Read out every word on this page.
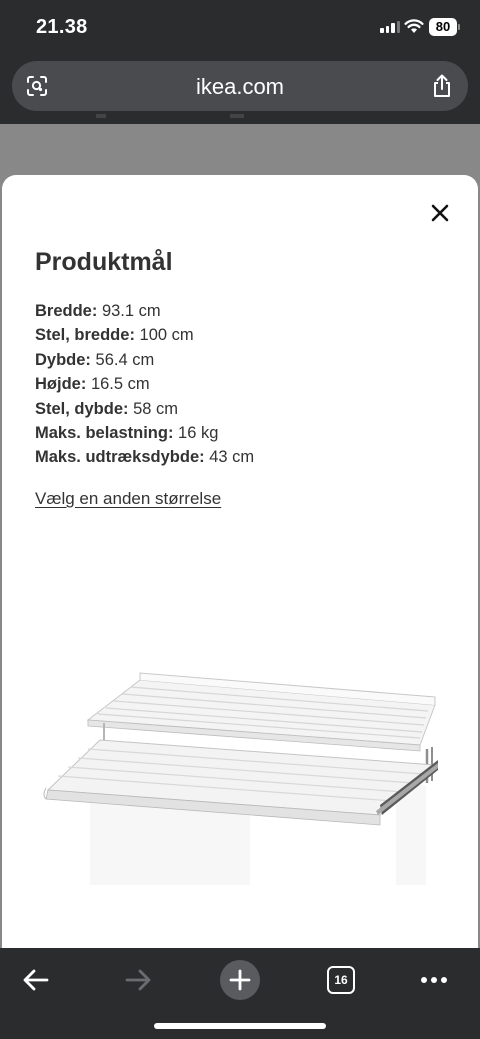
21.38	80
ikea.com
Produktmål
Bredde: 93.1 cm
Stel, bredde: 100 cm
Dybde: 56.4 cm
Højde: 16.5 cm
Stel, dybde: 58 cm
Maks. belastning: 16 kg
Maks. udtræksdybde: 43 cm
Vælg en anden størrelse
16
